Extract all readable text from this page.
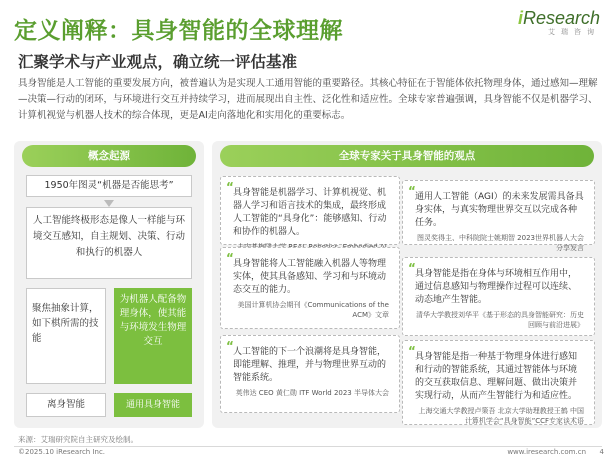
定义阐释：具身智能的全球理解	iResearch
艾瑞咨询
汇聚学术与产业观点，确立统一评估基准
具身智能是人工智能的重要发展方向，被普遍认为是实现人工通用智能的重要路径。其核心特征在于智能体依托物理身体，通过感知—理解—决策—行动的闭环，与环境进行交互并持续学习，进而展现出自主性、泛化性和适应性。全球专家普遍强调，具身智能不仅是机器学习、计算机视觉与机器人技术的综合体现，更是AI走向落地化和实用化的重要标志。
概念起源
1950年图灵“机器是否能思考”
人工智能终极形态是像人一样能与环境交互感知，自主规划、决策、行动和执行的机器人
聚焦抽象计算，如下棋所需的技能
为机器人配备物理身体，使其能与环境发生物理交互
离身智能	通用具身智能
全球专家关于具身智能的观点
“ 具身智能是机器学习、计算机视觉、机器人学习和语言技术的集成，最终形成人工智能的“具身化”：能够感知、行动和协作的机器人。
“ 通用人工智能（AGI）的未来发展需具备具身实体，与真实物理世界交互以完成各种任务。
图灵奖得主、中科院院士姚期智 2023世界机器人大会分享发言
“ 具身智能将人工智能融入机器人等物理实体，使其具备感知、学习和与环境动态交互的能力。
美国计算机协会期刊《Communications of the ACM》文章
“ 具身智能是指在身体与环境相互作用中，通过信息感知与物理操作过程可以连续、动态地产生智能。
清华大学教授刘华平《基于形态的具身智能研究：历史回顾与前沿进展》
“ 人工智能的下一个浪潮将是具身智能，即能理解、推理，并与物理世界互动的智能系统。
英伟达 CEO 黄仁勋 ITF World 2023 半导体大会
“ 具身智能是指一种基于物理身体进行感知和行动的智能系统，其通过智能体与环境的交互获取信息、理解问题、做出决策并实现行动，从而产生智能行为和适应性。
上海交通大学教授卢策吾 北京大学助理教授王鹤 中国计算机学会“具身智能”CCF专家谈术语
来源：艾瑞研究院自主研究及绘制。
©2025.10 iResearch Inc.	www.iresearch.com.cn 4
